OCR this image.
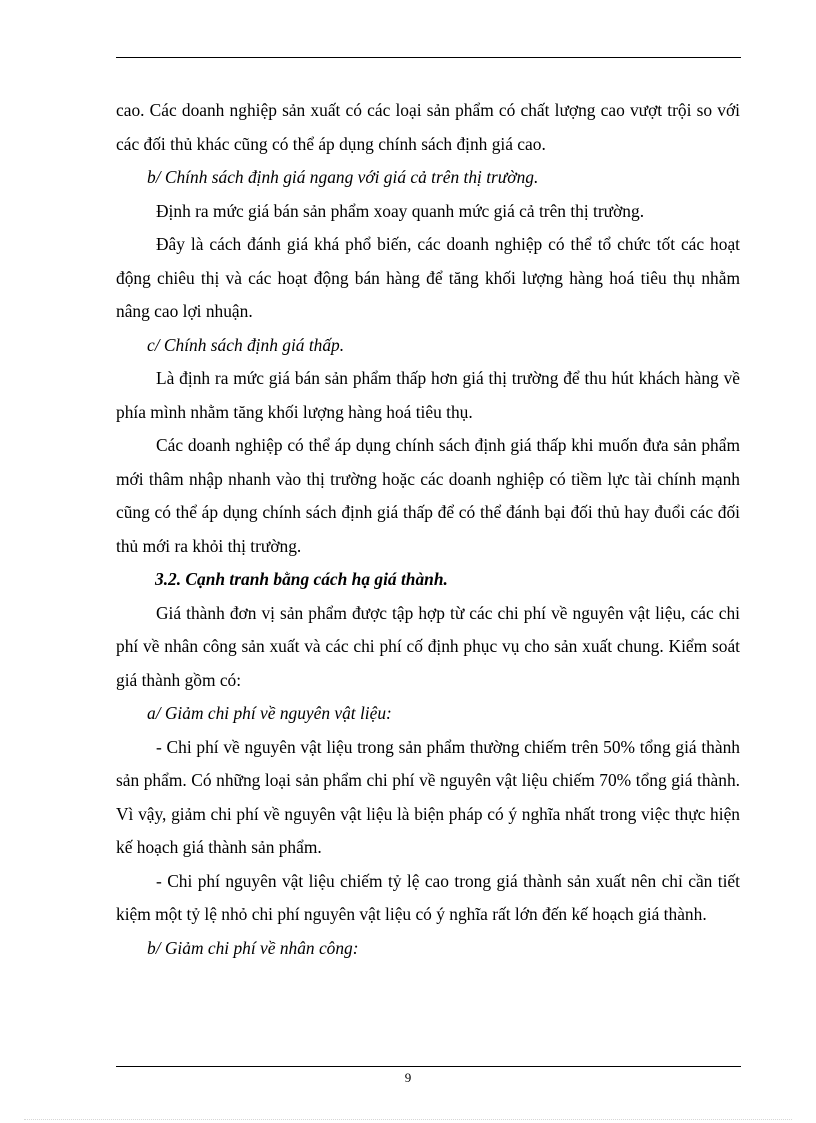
cao. Các doanh nghiệp sản xuất có các loại sản phẩm có chất lượng cao vượt trội so với các đối thủ khác cũng có thể áp dụng chính sách định giá cao.

b/ Chính sách định giá ngang với giá cả trên thị trường.

Định ra mức giá bán sản phẩm xoay quanh mức giá cả trên thị trường.

Đây là cách đánh giá khá phổ biến, các doanh nghiệp có thể tổ chức tốt các hoạt động chiêu thị và các hoạt động bán hàng để tăng khối lượng hàng hoá tiêu thụ nhằm nâng cao lợi nhuận.

c/ Chính sách định giá thấp.

Là định ra mức giá bán sản phẩm thấp hơn giá thị trường để thu hút khách hàng về phía mình nhằm tăng khối lượng hàng hoá tiêu thụ.

Các doanh nghiệp có thể áp dụng chính sách định giá thấp khi muốn đưa sản phẩm mới thâm nhập nhanh vào thị trường hoặc các doanh nghiệp có tiềm lực tài chính mạnh cũng có thể áp dụng chính sách định giá thấp để có thể đánh bại đối thủ hay đuổi các đối thủ mới ra khỏi thị trường.

3.2. Cạnh tranh bằng cách hạ giá thành.

Giá thành đơn vị sản phẩm được tập hợp từ các chi phí về nguyên vật liệu, các chi phí về nhân công sản xuất và các chi phí cố định phục vụ cho sản xuất chung. Kiểm soát giá thành gồm có:

a/ Giảm chi phí về nguyên vật liệu:

- Chi phí về nguyên vật liệu trong sản phẩm thường chiếm trên 50% tổng giá thành sản phẩm. Có những loại sản phẩm chi phí về nguyên vật liệu chiếm 70% tổng giá thành. Vì vậy, giảm chi phí về nguyên vật liệu là biện pháp có ý nghĩa nhất trong việc thực hiện kế hoạch giá thành sản phẩm.

- Chi phí nguyên vật liệu chiếm tỷ lệ cao trong giá thành sản xuất nên chỉ cần tiết kiệm một tỷ lệ nhỏ chi phí nguyên vật liệu có ý nghĩa rất lớn đến kế hoạch giá thành.

b/ Giảm chi phí về nhân công:

9
